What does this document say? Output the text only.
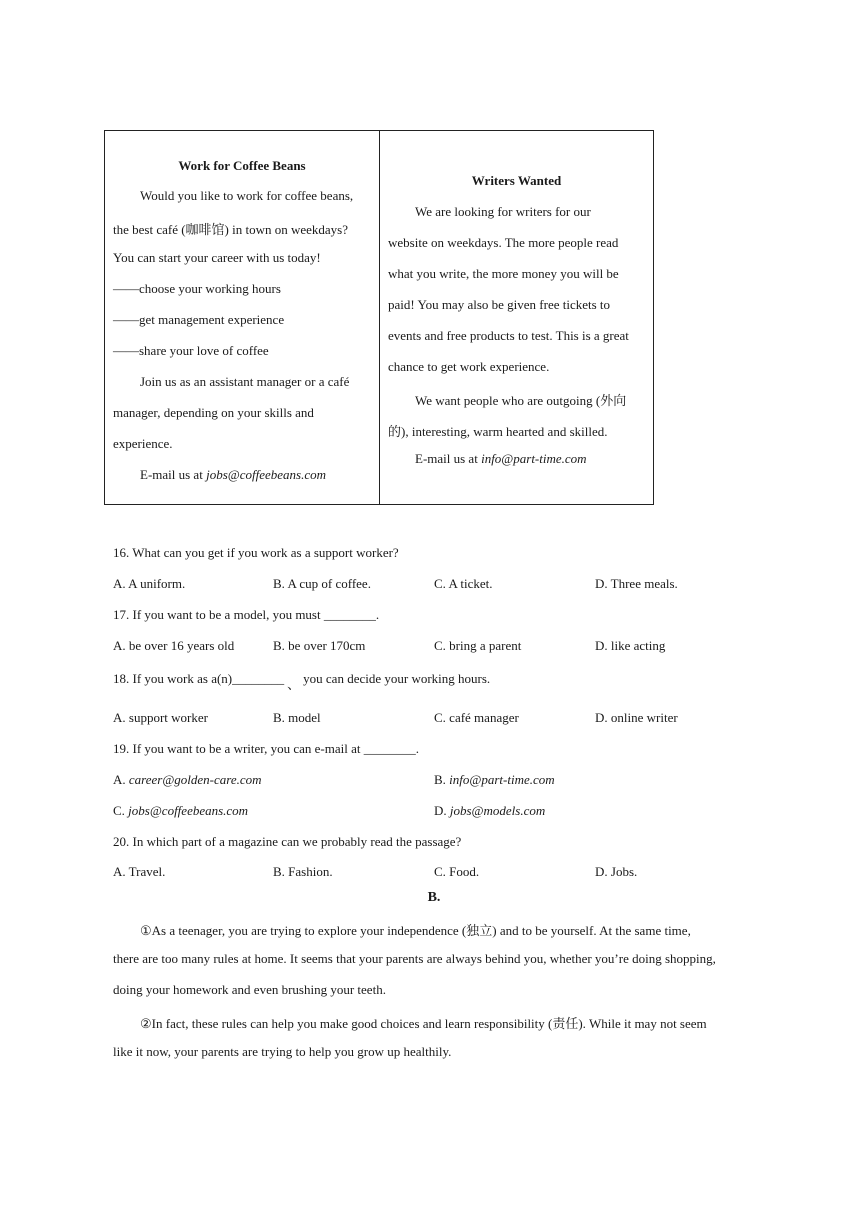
Work for Coffee Beans
Would you like to work for coffee beans,
the best café (咖啡馆) in town on weekdays?
You can start your career with us today!
——choose your working hours
——get management experience
——share your love of coffee
Join us as an assistant manager or a café
manager, depending on your skills and
experience.
E-mail us at jobs@coffeebeans.com
Writers Wanted
We are looking for writers for our
website on weekdays. The more people read
what you write, the more money you will be
paid! You may also be given free tickets to
events and free products to test. This is a great
chance to get work experience.
We want people who are outgoing (外向
的), interesting, warm hearted and skilled.
E-mail us at info@part-time.com
16. What can you get if you work as a support worker?
A. A uniform.	B. A cup of coffee.	C. A ticket.	D. Three meals.
17. If you want to be a model, you must ________.
A. be over 16 years old	B. be over 170cm	C. bring a parent	D. like acting
18. If you work as a(n)________ 、 you can decide your working hours.
A. support worker	B. model	C. café manager	D. online writer
19. If you want to be a writer, you can e-mail at ________.
A. career@golden-care.com	B. info@part-time.com
C. jobs@coffeebeans.com	D. jobs@models.com
20. In which part of a magazine can we probably read the passage?
A. Travel.	B. Fashion.	C. Food.	D. Jobs.
B.
①As a teenager, you are trying to explore your independence (独立) and to be yourself. At the same time,
there are too many rules at home. It seems that your parents are always behind you, whether you’re doing shopping,
doing your homework and even brushing your teeth.
②In fact, these rules can help you make good choices and learn responsibility (责任). While it may not seem
like it now, your parents are trying to help you grow up healthily.
